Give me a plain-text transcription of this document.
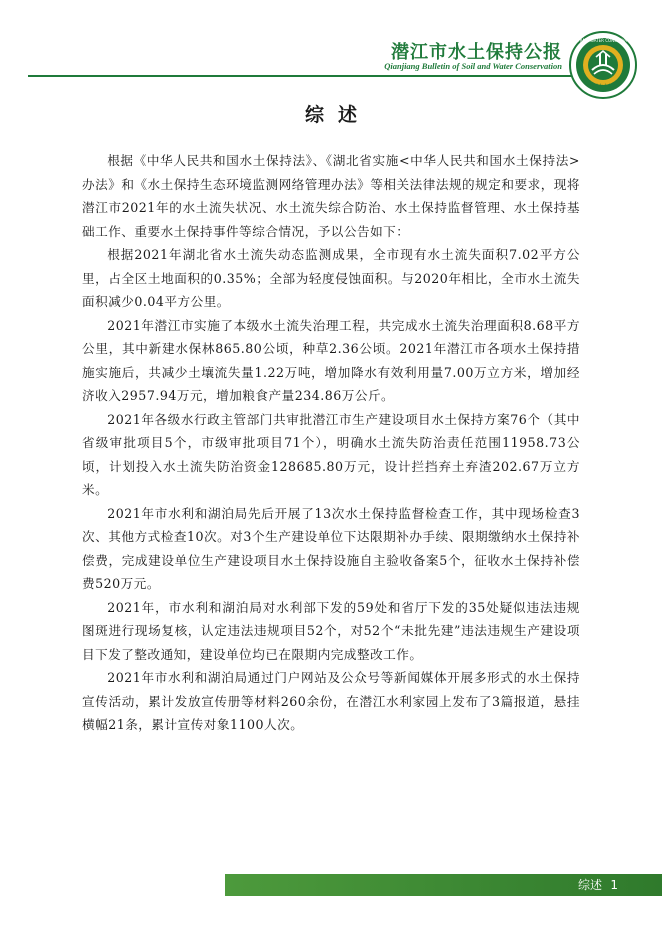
潜江市水土保持公报
Qianjiang Bulletin of Soil and Water Conservation
SOIL AND WATER CONSERVATION
中国水土保持
综述

根据《中华人民共和国水土保持法》、《湖北省实施<中华人民共和国水土保持法>办法》和《水土保持生态环境监测网络管理办法》等相关法律法规的规定和要求，现将潜江市2021年的水土流失状况、水土流失综合防治、水土保持监督管理、水土保持基础工作、重要水土保持事件等综合情况，予以公告如下：

根据2021年湖北省水土流失动态监测成果，全市现有水土流失面积7.02平方公里，占全区土地面积的0.35%；全部为轻度侵蚀面积。与2020年相比，全市水土流失面积减少0.04平方公里。

2021年潜江市实施了本级水土流失治理工程，共完成水土流失治理面积8.68平方公里，其中新建水保林865.80公顷，种草2.36公顷。2021年潜江市各项水土保持措施实施后，共减少土壤流失量1.22万吨，增加降水有效利用量7.00万立方米，增加经济收入2957.94万元，增加粮食产量234.86万公斤。

2021年各级水行政主管部门共审批潜江市生产建设项目水土保持方案76个（其中省级审批项目5个，市级审批项目71个），明确水土流失防治责任范围11958.73公顷，计划投入水土流失防治资金128685.80万元，设计拦挡弃土弃渣202.67万立方米。

2021年市水利和湖泊局先后开展了13次水土保持监督检查工作，其中现场检查3次、其他方式检查10次。对3个生产建设单位下达限期补办手续、限期缴纳水土保持补偿费，完成建设单位生产建设项目水土保持设施自主验收备案5个，征收水土保持补偿费520万元。

2021年，市水利和湖泊局对水利部下发的59处和省厅下发的35处疑似违法违规图斑进行现场复核，认定违法违规项目52个，对52个“未批先建”违法违规生产建设项目下发了整改通知，建设单位均已在限期内完成整改工作。

2021年市水利和湖泊局通过门户网站及公众号等新闻媒体开展多形式的水土保持宣传活动，累计发放宣传册等材料260余份，在潜江水利家园上发布了3篇报道，悬挂横幅21条，累计宣传对象1100人次。

综述 1
